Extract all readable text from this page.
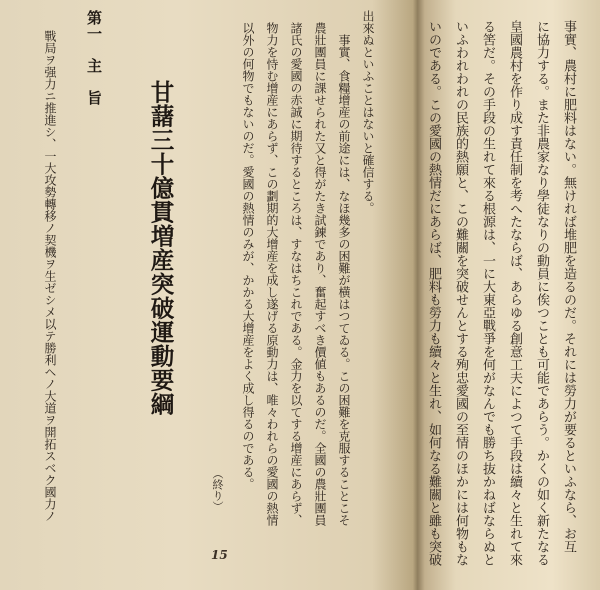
いのである。この愛國の熱情だにあらば、肥料も勞力も續々と生れ、如何なる難關と雖も突破 いふわれわれの民族的熱願と、この難關を突破せんとする殉忠愛國の至情のほかには何物もな る筈だ。その手段の生れて來る根源は、一に大東亞戰爭を何がなんでも勝ち抜かねばならぬと 皇國農村を作り成す責任制を考へたならば、あらゆる創意工夫によつて手段は續々と生れて來 に協力する。また非農家なり學徒なりの動員に俟つことも可能であらう。かくの如く新たなる 事實、農村に肥料はない。無ければ堆肥を造るのだ。それには勞力が要るといふなら、お互
出來ぬといふことはないと確信する。
事實、食糧增産の前途には、なほ幾多の困難が横はつてゐる。この困難を克服することこそ
農壯團員に課せられた又と得がたき試錬であり、奮起すべき價値もあるのだ。全國の農壯團員
諸氏の愛國の赤誠に期待するところは、すなはちこれである。金力を以てする增産にあらず、
物力を恃む增産にあらず、この劃期的大增産を成し遂げる原動力は、唯々われらの愛國の熱情
以外の何物でもないのだ。愛國の熱情のみが、かかる大增産をよく成し得るのである。
（終り）
甘藷三十億貫増産突破運動要綱
第一　主　旨
戰局ヲ强力ニ推進シ、一大攻勢轉移ノ契機ヲ生ゼシメ以テ勝利ヘノ大道ヲ開拓スベク國力ノ
15
